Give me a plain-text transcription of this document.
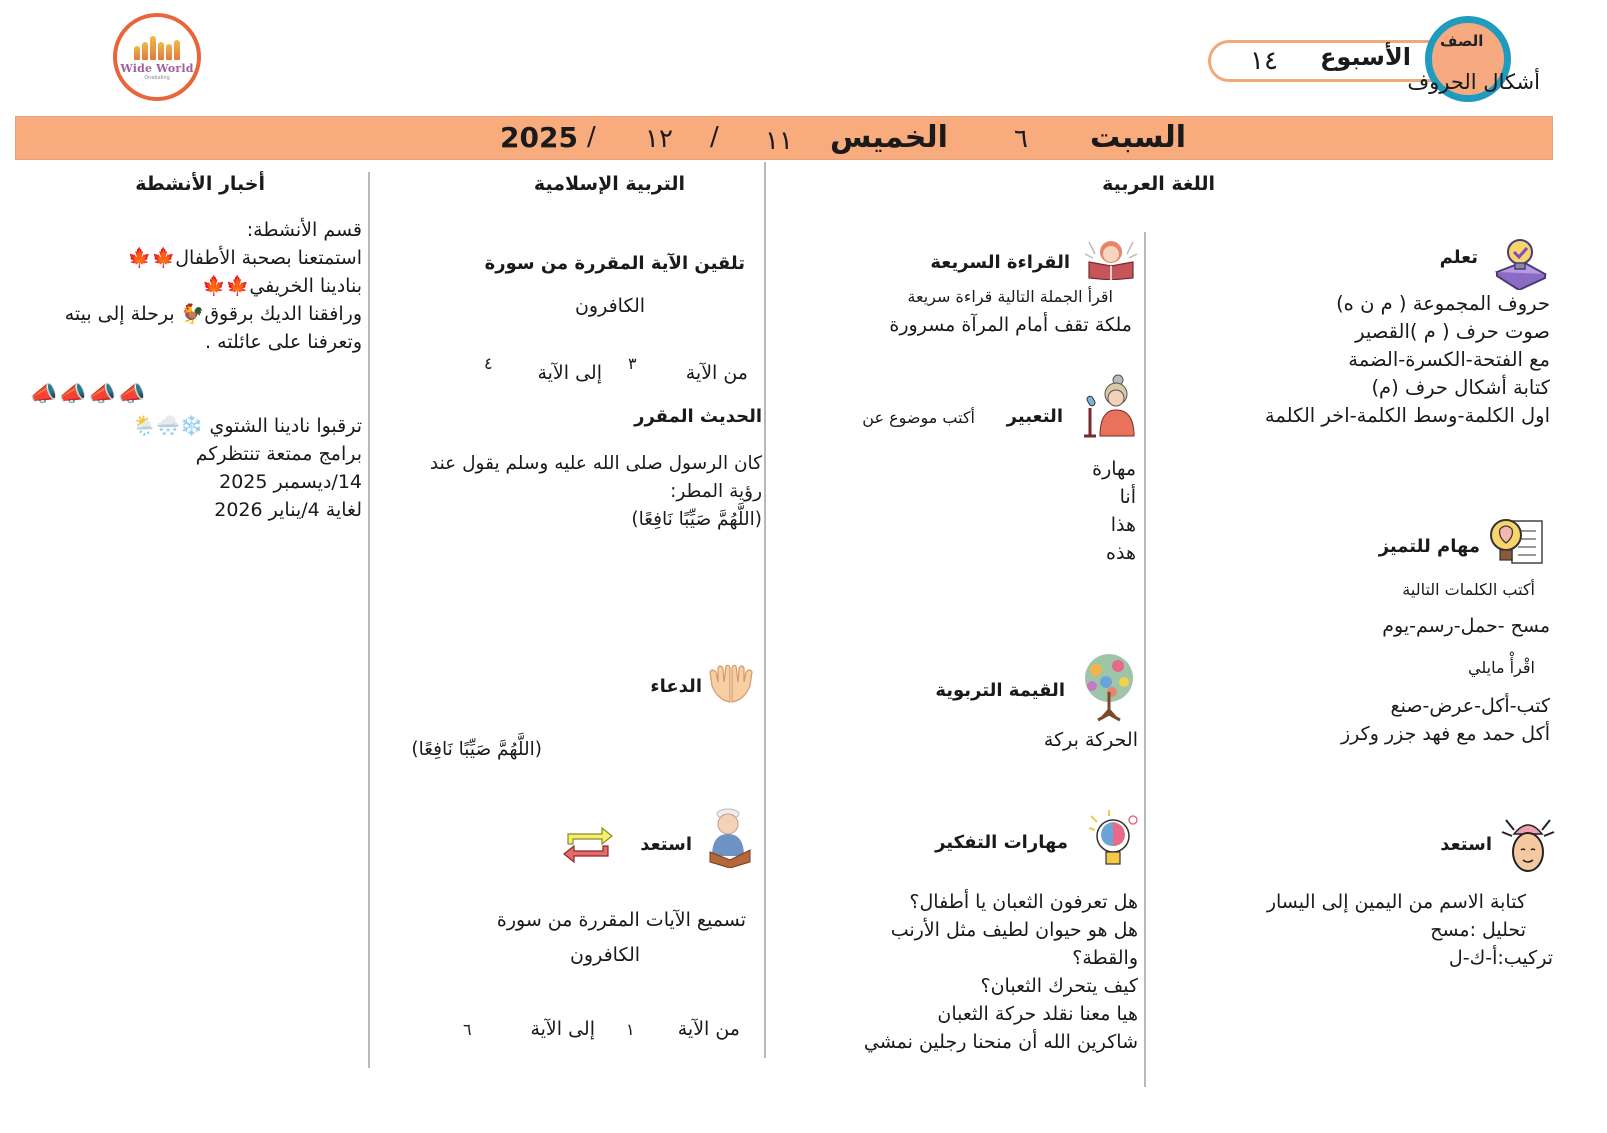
Wide World
Onebaling
١٤ الأسبوع
الصف
أشكال الحروف
السبت
٦
الخميس
١١
/
١٢
/
2025
اللغة العربية
التربية الإسلامية
أخبار الأنشطة
تعلم
حروف المجموعة ( م ن ه)
صوت حرف ( م )القصير
مع الفتحة-الكسرة-الضمة
كتابة أشكال حرف (م)
اول الكلمة-وسط الكلمة-اخر الكلمة
مهام للتميز
أكتب الكلمات التالية
مسح -حمل-رسم-يوم
اقْرأْ مايلي
كتب-أكل-عرض-صنع
أكل حمد مع فهد جزر وكرز
استعد
كتابة الاسم من اليمين إلى اليسار
تحليل :مسح
تركيب:أ-ك-ل
القراءة السريعة
اقرأ الجملة التالية قراءة سريعة
ملكة تقف أمام المرآة مسرورة
التعبير
أكتب موضوع عن
مهارة
أنا
هذا
هذه
القيمة التربوية
الحركة بركة
مهارات التفكير
هل تعرفون الثعبان يا أطفال؟
هل هو حيوان لطيف مثل الأرنب
والقطة؟
كيف يتحرك الثعبان؟
هيا معنا نقلد حركة الثعبان
شاكرين الله أن منحنا رجلين نمشي
تلقين الآية المقررة من سورة
الكافرون
من الآية
٣
إلى الآية
٤
الحديث المقرر
كان الرسول صلى الله عليه وسلم يقول عند
رؤية المطر:
(اللَّهُمَّ صَيِّبًا نَافِعًا)
الدعاء
(اللَّهُمَّ صَيِّبًا نَافِعًا)
استعد
تسميع الآيات المقررة من سورة
الكافرون
من الآية
١
إلى الآية
٦
قسم الأنشطة:
استمتعنا بصحبة الأطفال🍁🍁
بنادينا الخريفي🍁🍁
ورافقنا الديك برقوق🐓 برحلة إلى بيته
وتعرفنا على عائلته .
📣📣📣📣
ترقبوا نادينا الشتوي ❄️🌨️🌦️
برامج ممتعة تنتظركم
14/ديسمبر 2025
لغاية 4/يناير 2026
